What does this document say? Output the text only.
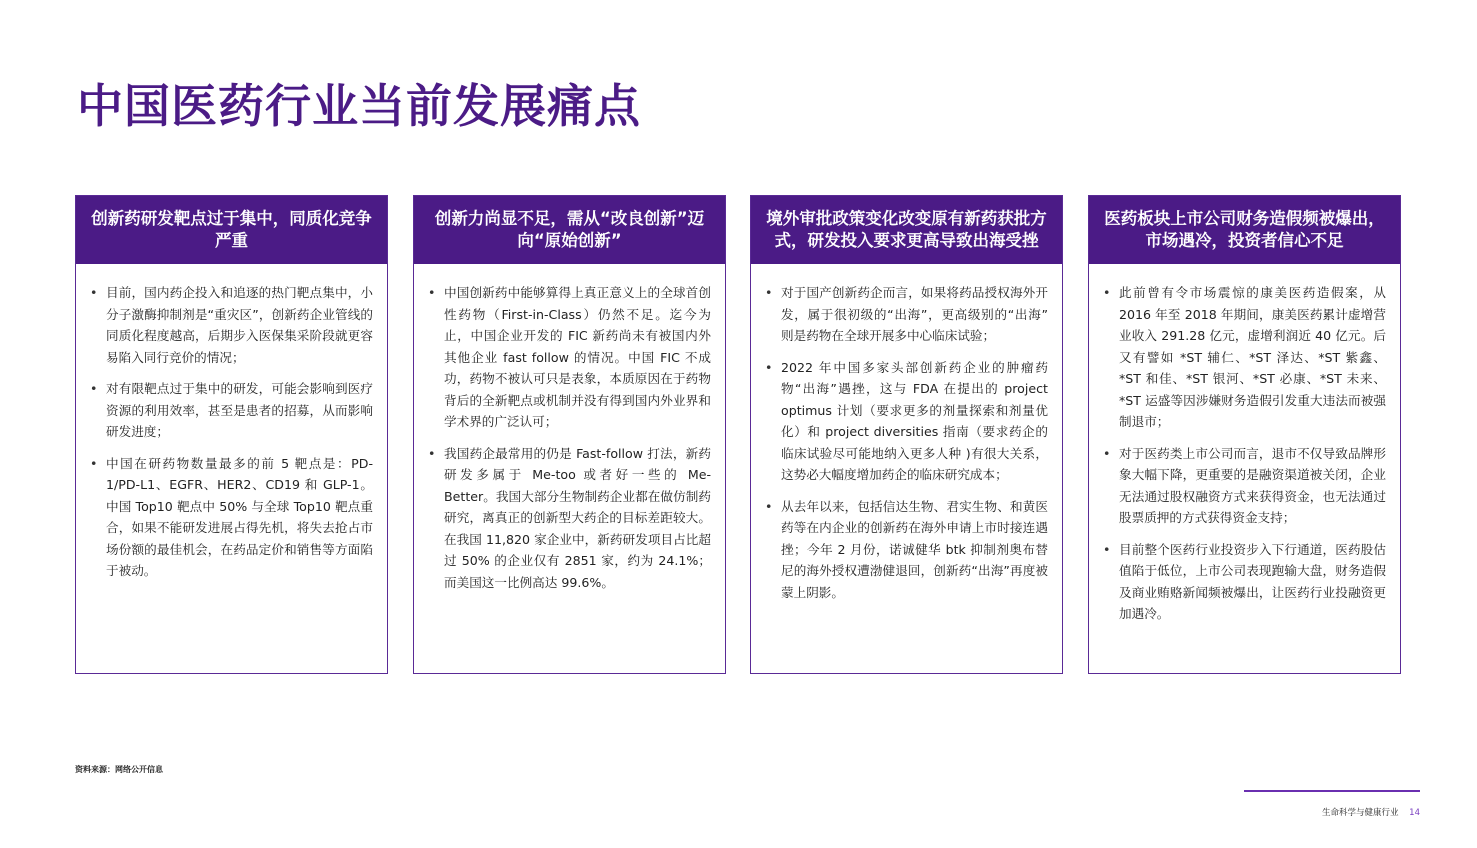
中国医药行业当前发展痛点
创新药研发靶点过于集中，同质化竞争严重
• 目前，国内药企投入和追逐的热门靶点集中，小分子激酶抑制剂是“重灾区”，创新药企业管线的同质化程度越高，后期步入医保集采阶段就更容易陷入同行竞价的情况；
• 对有限靶点过于集中的研发，可能会影响到医疗资源的利用效率，甚至是患者的招募，从而影响研发进度；
• 中国在研药物数量最多的前 5 靶点是：PD-1/PD-L1、EGFR、HER2、CD19 和 GLP-1。中国 Top10 靶点中 50% 与全球 Top10 靶点重合，如果不能研发进展占得先机，将失去抢占市场份额的最佳机会，在药品定价和销售等方面陷于被动。
创新力尚显不足，需从“改良创新”迈向“原始创新”
• 中国创新药中能够算得上真正意义上的全球首创性药物（First-in-Class）仍然不足。迄今为止，中国企业开发的 FIC 新药尚未有被国内外其他企业 fast follow 的情况。中国 FIC 不成功，药物不被认可只是表象，本质原因在于药物背后的全新靶点或机制并没有得到国内外业界和学术界的广泛认可；
• 我国药企最常用的仍是 Fast-follow 打法，新药研发多属于 Me-too 或者好一些的 Me-Better。我国大部分生物制药企业都在做仿制药研究，离真正的创新型大药企的目标差距较大。在我国 11,820 家企业中，新药研发项目占比超过 50% 的企业仅有 2851 家，约为 24.1%；而美国这一比例高达 99.6%。
境外审批政策变化改变原有新药获批方式，研发投入要求更高导致出海受挫
• 对于国产创新药企而言，如果将药品授权海外开发，属于很初级的“出海”，更高级别的“出海” 则是药物在全球开展多中心临床试验；
• 2022 年中国多家头部创新药企业的肿瘤药物“出海”遇挫，这与 FDA 在提出的 project optimus 计划（要求更多的剂量探索和剂量优化）和 project diversities 指南（要求药企的临床试验尽可能地纳入更多人种 )有很大关系，这势必大幅度增加药企的临床研究成本；
• 从去年以来，包括信达生物、君实生物、和黄医药等在内企业的创新药在海外申请上市时接连遇挫；今年 2 月份，诺诚健华 btk 抑制剂奥布替尼的海外授权遭渤健退回，创新药“出海”再度被蒙上阴影。
医药板块上市公司财务造假频被爆出，市场遇冷，投资者信心不足
• 此前曾有令市场震惊的康美医药造假案，从 2016 年至 2018 年期间，康美医药累计虚增营业收入 291.28 亿元，虚增利润近 40 亿元。后又有譬如 *ST 辅仁、*ST 泽达、*ST 紫鑫、*ST 和佳、*ST 银河、*ST 必康、*ST 未来、*ST 运盛等因涉嫌财务造假引发重大违法而被强制退市；
• 对于医药类上市公司而言，退市不仅导致品牌形象大幅下降，更重要的是融资渠道被关闭，企业无法通过股权融资方式来获得资金，也无法通过股票质押的方式获得资金支持；
• 目前整个医药行业投资步入下行通道，医药股估值陷于低位，上市公司表现跑输大盘，财务造假及商业贿赂新闻频被爆出，让医药行业投融资更加遇冷。
资料来源：网络公开信息
生命科学与健康行业 14
